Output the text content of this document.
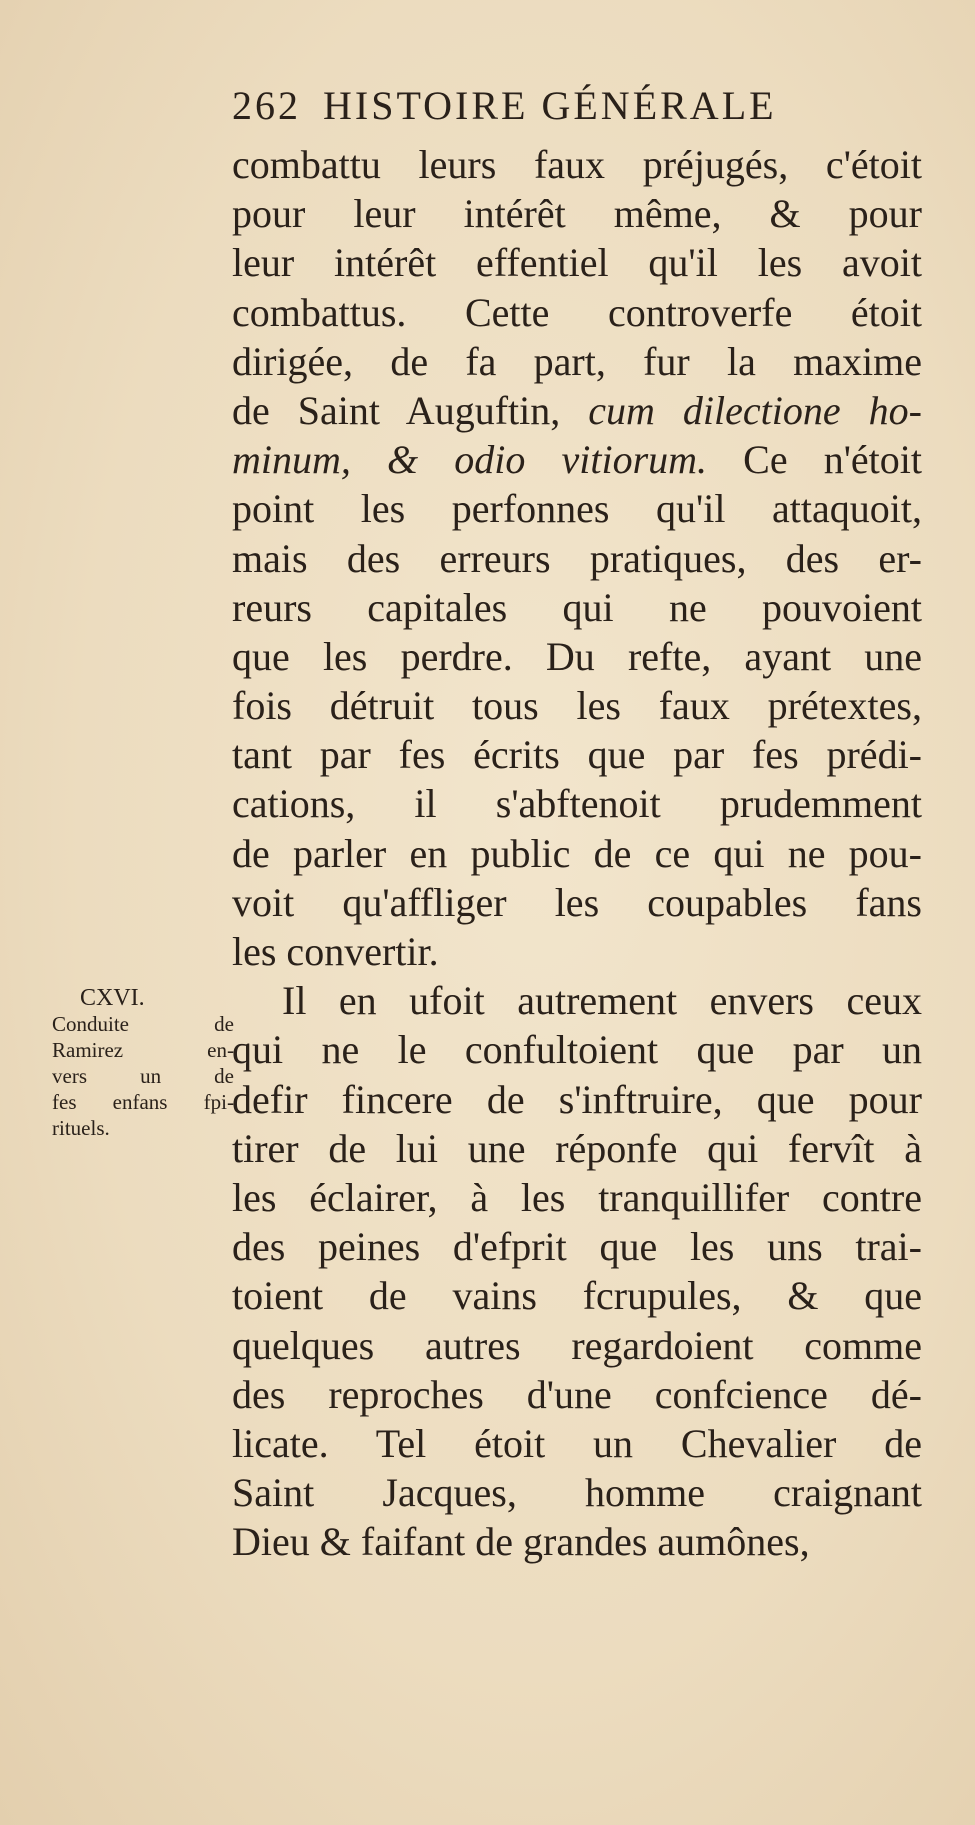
262 HISTOIRE GÉNÉRALE
combattu leurs faux préjugés, c'étoit
pour leur intérêt même, & pour
leur intérêt effentiel qu'il les avoit
combattus. Cette controverfe étoit
dirigée, de fa part, fur la maxime
de Saint Auguftin, cum dilectione ho-
minum, & odio vitiorum. Ce n'étoit
point les perfonnes qu'il attaquoit,
mais des erreurs pratiques, des er-
reurs capitales qui ne pouvoient
que les perdre. Du refte, ayant une
fois détruit tous les faux prétextes,
tant par fes écrits que par fes prédi-
cations, il s'abftenoit prudemment
de parler en public de ce qui ne pou-
voit qu'affliger les coupables fans
les convertir.
Il en ufoit autrement envers ceux
qui ne le confultoient que par un
defir fincere de s'inftruire, que pour
tirer de lui une réponfe qui fervît à
les éclairer, à les tranquillifer contre
des peines d'efprit que les uns trai-
toient de vains fcrupules, & que
quelques autres regardoient comme
des reproches d'une confcience dé-
licate. Tel étoit un Chevalier de
Saint Jacques, homme craignant
Dieu & faifant de grandes aumônes,
CXVI.
Conduite de
Ramirez en-
vers un de
fes enfans fpi-
rituels.
